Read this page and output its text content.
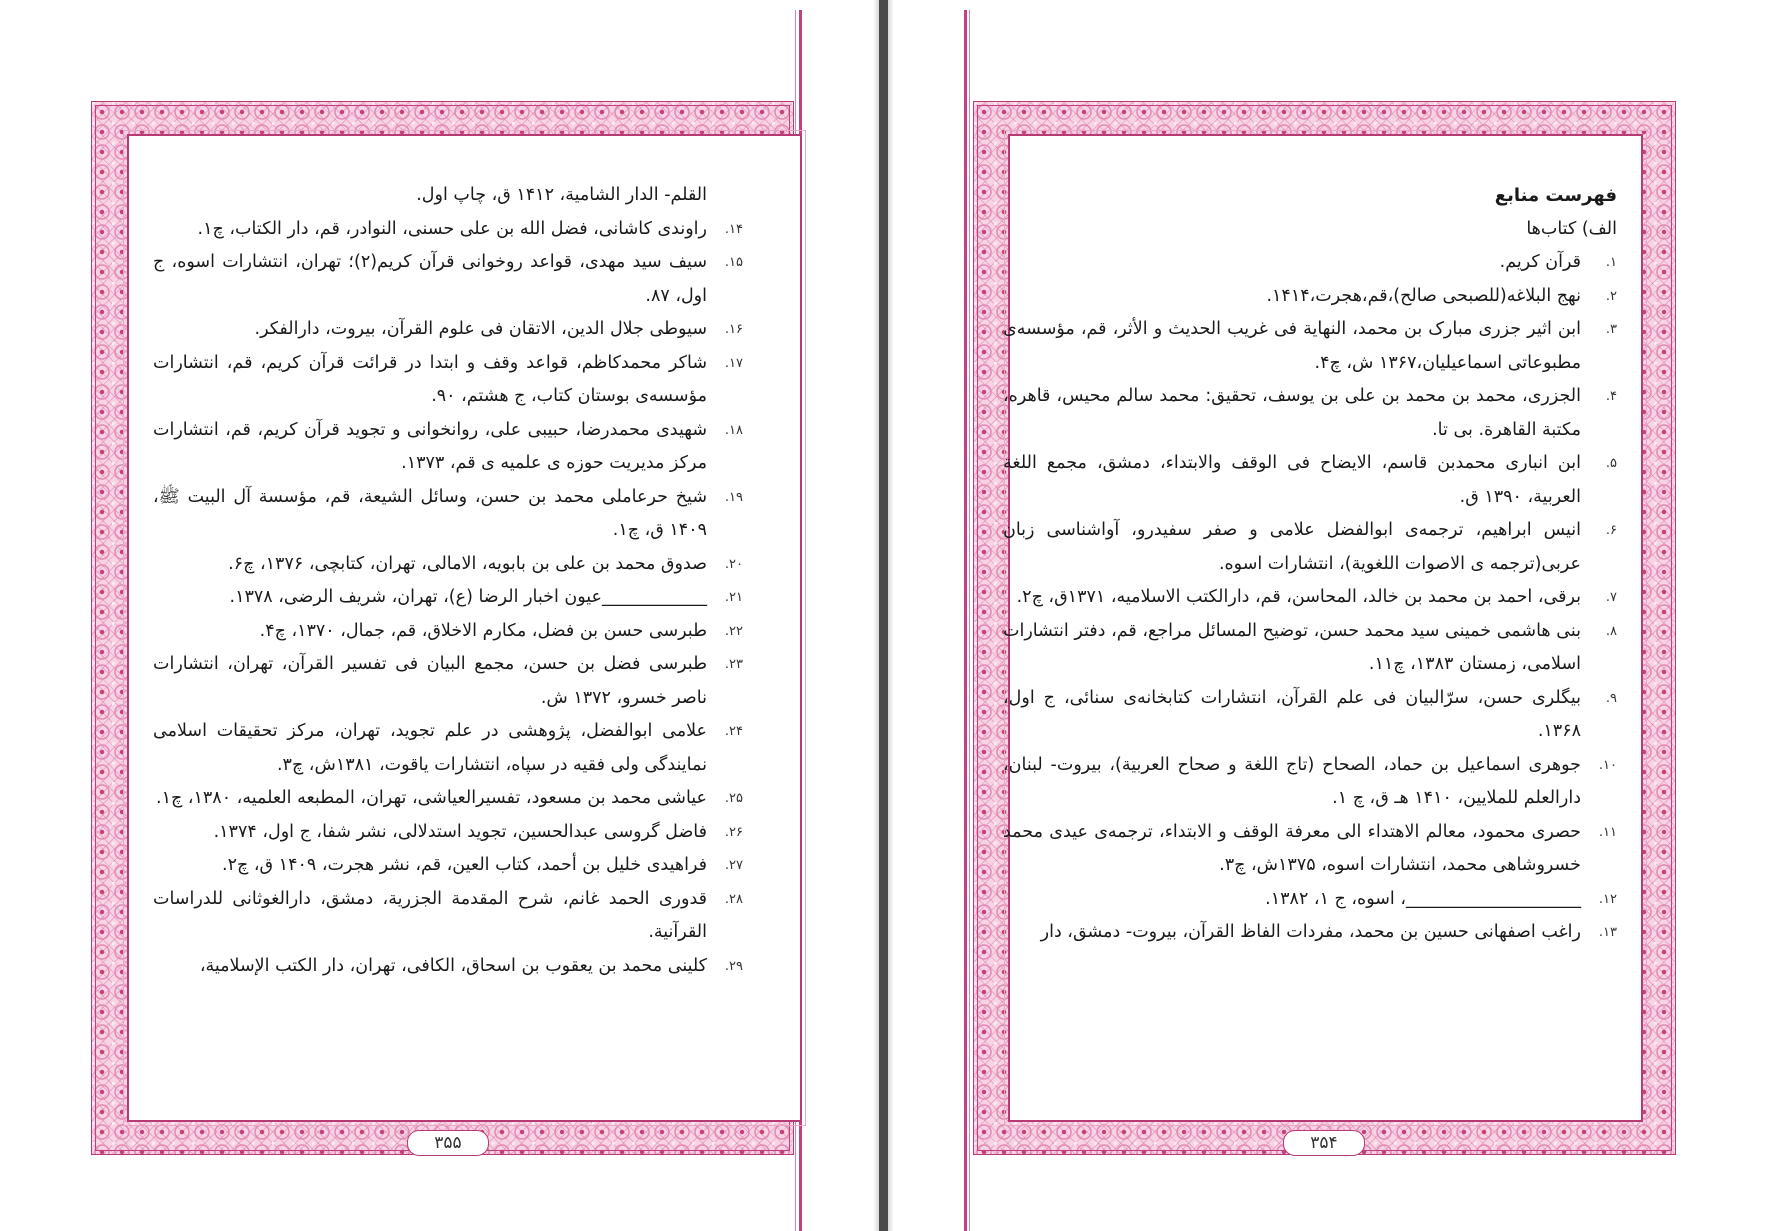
۳۵۵
القلم- الدار الشامیة، ۱۴۱۲ ق، چاپ اول.
۱۴.
راوندی کاشانی، فضل الله بن علی حسنی، النوادر، قم، دار الکتاب، چ۱.
۱۵.
سیف سید مهدی، قواعد روخوانی قرآن کریم(۲)؛ تهران، انتشارات اسوه، ج اول، ۸۷.
۱۶.
سیوطی جلال الدین، الاتقان فی علوم القرآن، بیروت، دارالفکر.
۱۷.
شاکر محمدکاظم، قواعد وقف و ابتدا در قرائت قرآن کریم، قم، انتشارات مؤسسه‌ی بوستان کتاب، ج هشتم، ۹۰.
۱۸.
شهیدی محمدرضا، حبیبی علی، روانخوانی و تجوید قرآن کریم، قم، انتشارات مرکز مدیریت حوزه ی علمیه ی قم، ۱۳۷۳.
۱۹.
شیخ حرعاملی محمد بن حسن، وسائل الشیعة، قم، مؤسسة آل البیت ﷺ، ۱۴۰۹ ق، چ۱.
۲۰.
صدوق محمد بن علی بن بابویه، الامالی، تهران، کتابچی، ۱۳۷۶، چ۶.
۲۱.
____________عیون اخبار الرضا (ع)، تهران، شریف الرضی، ۱۳۷۸.
۲۲.
طبرسی حسن بن فضل، مکارم الاخلاق، قم، جمال، ۱۳۷۰، چ۴.
۲۳.
طبرسی فضل بن حسن، مجمع البیان فی تفسیر القرآن، تهران، انتشارات ناصر خسرو، ۱۳۷۲ ش.
۲۴.
علامی ابوالفضل، پژوهشی در علم تجوید، تهران، مرکز تحقیقات اسلامی نمایندگی ولی فقیه در سپاه، انتشارات یاقوت، ۱۳۸۱ش، چ۳.
۲۵.
عیاشی محمد بن مسعود، تفسیرالعیاشی، تهران، المطبعه العلمیه، ۱۳۸۰، چ۱.
۲۶.
فاضل گروسی عبدالحسین، تجوید استدلالی، نشر شفا، ج اول، ۱۳۷۴.
۲۷.
فراهیدی خلیل بن أحمد، کتاب العین، قم، نشر هجرت، ۱۴۰۹ ق، چ۲.
۲۸.
قدوری الحمد غانم، شرح المقدمة الجزریة، دمشق، دارالغوثانی للدراسات القرآنیة.
۲۹.
کلینی محمد بن یعقوب بن اسحاق، الکافی، تهران، دار الکتب الإسلامیة،
۳۵۴
فهرست منابع
الف) کتاب‌ها
۱.
قرآن کریم.
۲.
نهج البلاغه(للصبحی صالح)،قم،هجرت،۱۴۱۴.
۳.
ابن اثیر جزری مبارک بن محمد، النهایة فی غریب الحدیث و الأثر، قم، مؤسسه‌ی مطبوعاتی اسماعیلیان،۱۳۶۷ ش، چ۴.
۴.
الجزری، محمد بن محمد بن علی بن یوسف، تحقیق: محمد سالم محیس، قاهره، مکتبة القاهرة. بی تا.
۵.
ابن انباری محمدبن قاسم، الایضاح فی الوقف والابتداء، دمشق، مجمع اللغة العربیة، ۱۳۹۰ ق.
۶.
انیس ابراهیم، ترجمه‌ی ابوالفضل علامی و صفر سفیدرو، آواشناسی زبان عربی(ترجمه ی الاصوات اللغویة)، انتشارات اسوه.
۷.
برقی، احمد بن محمد بن خالد، المحاسن، قم، دارالکتب الاسلامیه، ۱۳۷۱ق، چ۲.
۸.
بنی هاشمی خمینی سید محمد حسن، توضیح المسائل مراجع، قم، دفتر انتشارات اسلامی، زمستان ۱۳۸۳، چ۱۱.
۹.
بیگلری حسن، سرّالبیان فی علم القرآن، انتشارات کتابخانه‌ی سنائی، ج اول، ۱۳۶۸.
۱۰.
جوهری اسماعیل بن حماد، الصحاح (تاج اللغة و صحاح العربیة)، بیروت- لبنان، دارالعلم للملایین، ۱۴۱۰ ه‍ـ ق، چ ۱.
۱۱.
حصری محمود، معالم الاهتداء الی معرفة الوقف و الابتداء، ترجمه‌ی عیدی محمد خسروشاهی محمد، انتشارات اسوه، ۱۳۷۵ش، چ۳.
۱۲.
____________________، اسوه، ج ۱، ۱۳۸۲.
۱۳.
راغب اصفهانی حسین بن محمد، مفردات الفاظ القرآن، بیروت- دمشق، دار
